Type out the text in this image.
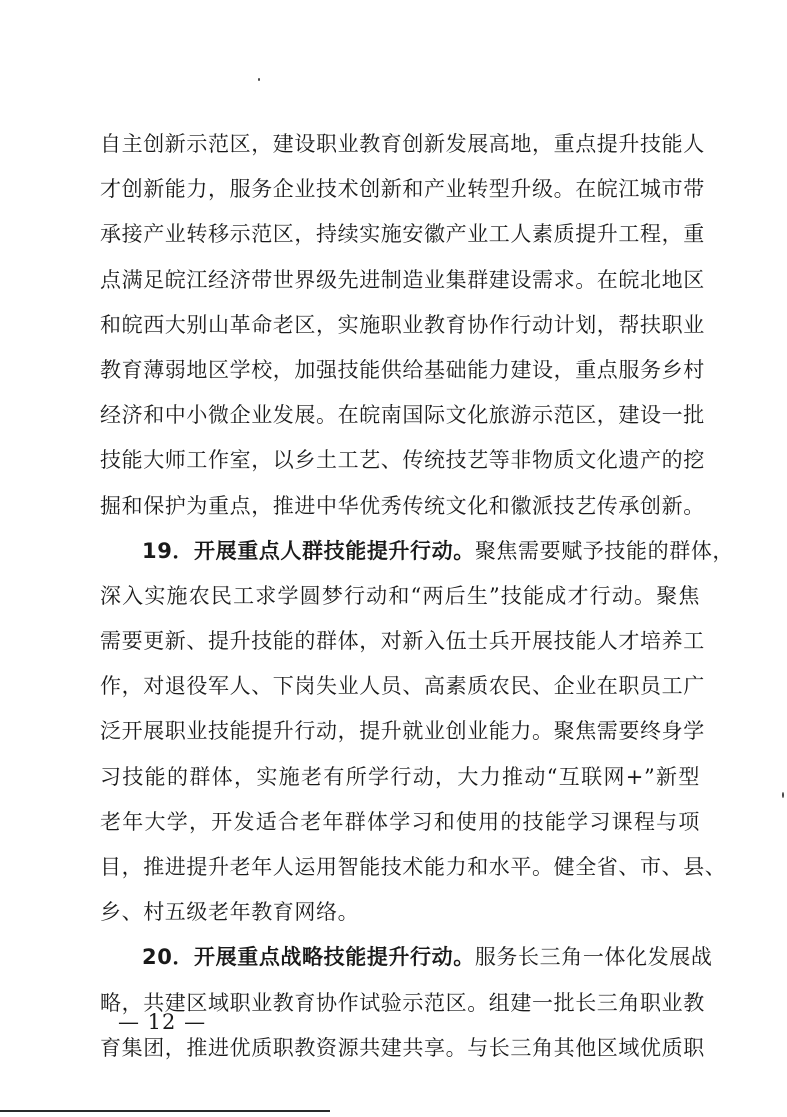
自主创新示范区，建设职业教育创新发展高地，重点提升技能人
才创新能力，服务企业技术创新和产业转型升级。在皖江城市带
承接产业转移示范区，持续实施安徽产业工人素质提升工程，重
点满足皖江经济带世界级先进制造业集群建设需求。在皖北地区
和皖西大别山革命老区，实施职业教育协作行动计划，帮扶职业
教育薄弱地区学校，加强技能供给基础能力建设，重点服务乡村
经济和中小微企业发展。在皖南国际文化旅游示范区，建设一批
技能大师工作室，以乡土工艺、传统技艺等非物质文化遗产的挖
掘和保护为重点，推进中华优秀传统文化和徽派技艺传承创新。
19．开展重点人群技能提升行动。聚焦需要赋予技能的群体，
深入实施农民工求学圆梦行动和“两后生”技能成才行动。聚焦
需要更新、提升技能的群体，对新入伍士兵开展技能人才培养工
作，对退役军人、下岗失业人员、高素质农民、企业在职员工广
泛开展职业技能提升行动，提升就业创业能力。聚焦需要终身学
习技能的群体，实施老有所学行动，大力推动“互联网+”新型
老年大学，开发适合老年群体学习和使用的技能学习课程与项
目，推进提升老年人运用智能技术能力和水平。健全省、市、县、
乡、村五级老年教育网络。
20．开展重点战略技能提升行动。服务长三角一体化发展战
略，共建区域职业教育协作试验示范区。组建一批长三角职业教
育集团，推进优质职教资源共建共享。与长三角其他区域优质职
— 12 —
